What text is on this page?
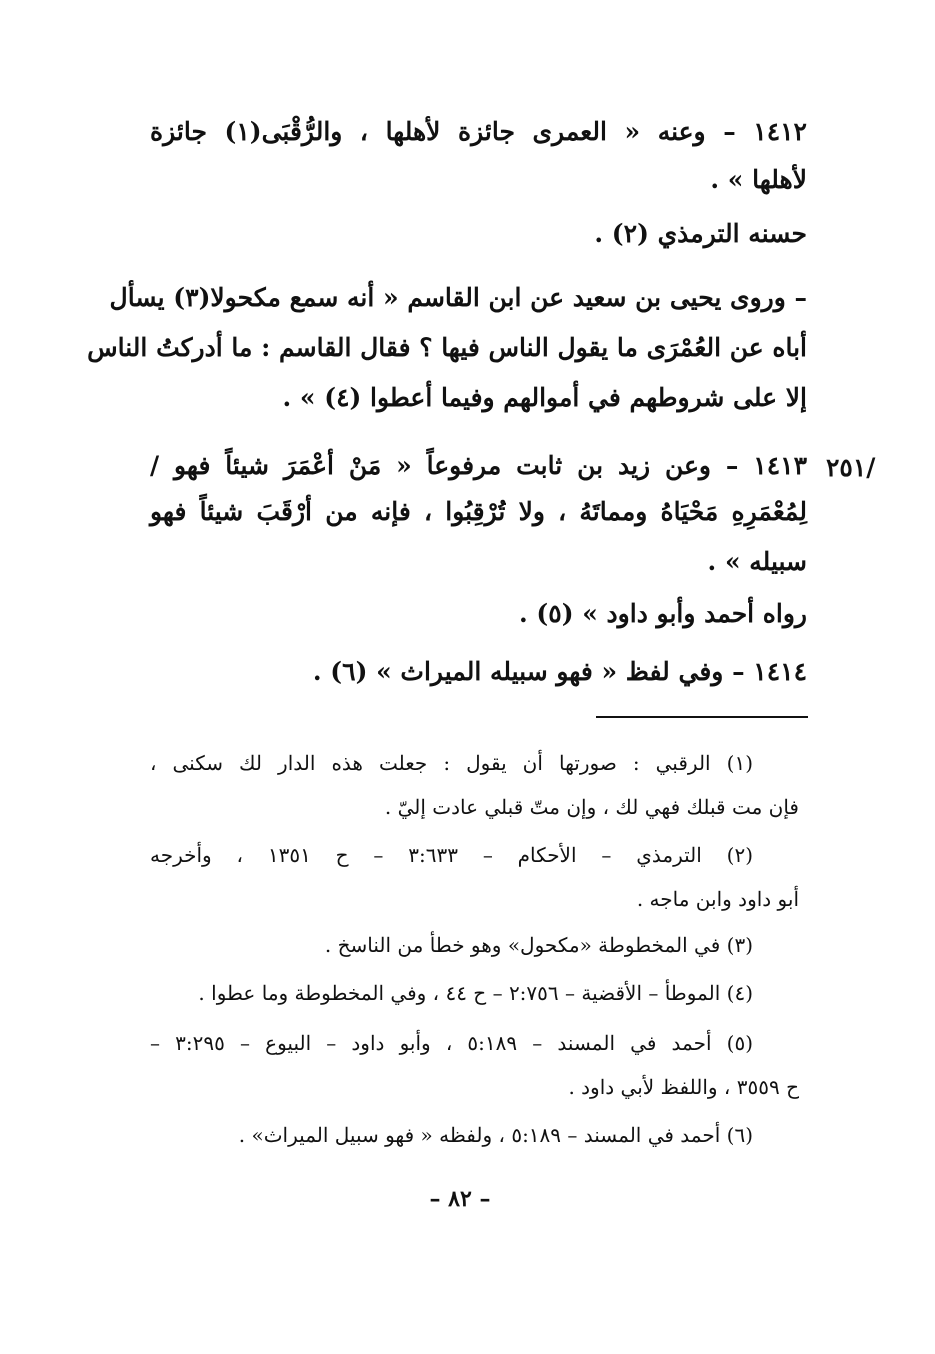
١٤١٢ – وعنه « العمرى جائزة لأهلها ، والرُّقْبَى(١) جائزة
لأهلها » .
حسنه الترمذي (٢) .
– وروى يحيى بن سعيد عن ابن القاسم « أنه سمع مكحولا(٣) يسأل
أباه عن العُمْرَى ما يقول الناس فيها ؟ فقال القاسم : ما أدركتُ الناس
إلا على شروطهم في أموالهم وفيما أعطوا (٤) » .
٢٥١/
١٤١٣ – وعن زيد بن ثابت مرفوعاً « مَنْ أعْمَرَ شيئاً فهو /
لِمُعْمَرِهِ مَحْيَاهُ ومماتَهُ ، ولا تُرْقِبُوا ، فإنه من أرْقَبَ شيئاً فهو
سبيله » .
رواه أحمد وأبو داود » (٥) .
١٤١٤ – وفي لفظ « فهو سبيله الميراث » (٦) .
(١) الرقبي : صورتها أن يقول : جعلت هذه الدار لك سكنى ،
فإن مت قبلك فهي لك ، وإن متّ قبلي عادت إليّ .
(٢) الترمذي – الأحكام – ٣:٦٣٣ – ح ١٣٥١ ، وأخرجه
أبو داود وابن ماجه .
(٣) في المخطوطة «مكحول» وهو خطأ من الناسخ .
(٤) الموطأ – الأقضية – ٢:٧٥٦ – ح ٤٤ ، وفي المخطوطة وما عطوا .
(٥) أحمد في المسند – ٥:١٨٩ ، وأبو داود – البيوع – ٣:٢٩٥ –
ح ٣٥٥٩ ، واللفظ لأبي داود .
(٦) أحمد في المسند – ٥:١٨٩ ، ولفظه « فهو سبيل الميراث» .
– ٨٢ –
